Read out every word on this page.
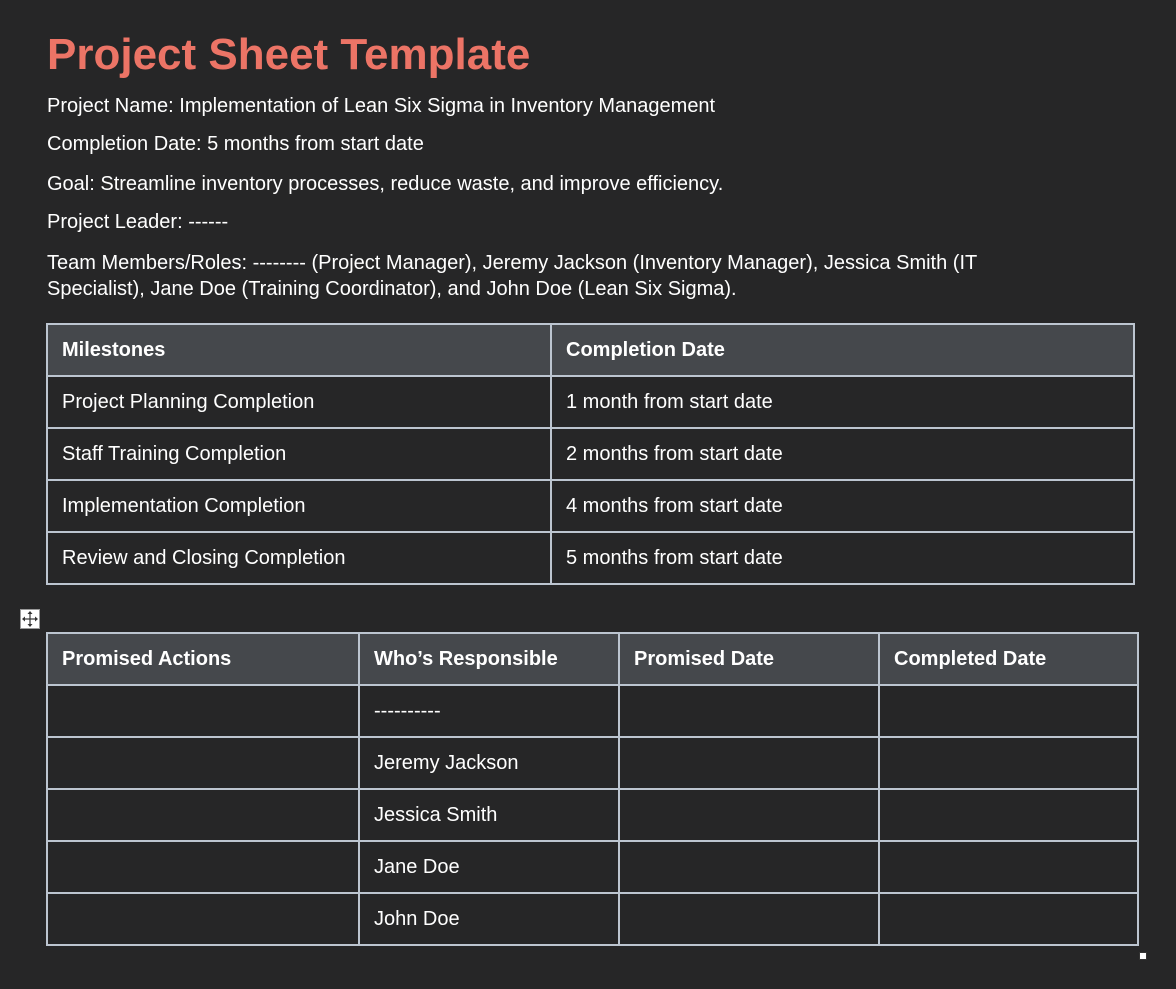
Project Sheet Template

Project Name: Implementation of Lean Six Sigma in Inventory Management

Completion Date: 5 months from start date

Goal: Streamline inventory processes, reduce waste, and improve efficiency.

Project Leader: ------

Team Members/Roles: -------- (Project Manager), Jeremy Jackson (Inventory Manager), Jessica Smith (IT
Specialist), Jane Doe (Training Coordinator), and John Doe (Lean Six Sigma).

Milestones	Completion Date
Project Planning Completion	1 month from start date
Staff Training Completion	2 months from start date
Implementation Completion	4 months from start date
Review and Closing Completion	5 months from start date
Promised Actions	Who’s Responsible	Promised Date	Completed Date
	----------		
	Jeremy Jackson		
	Jessica Smith		
	Jane Doe		
	John Doe		
